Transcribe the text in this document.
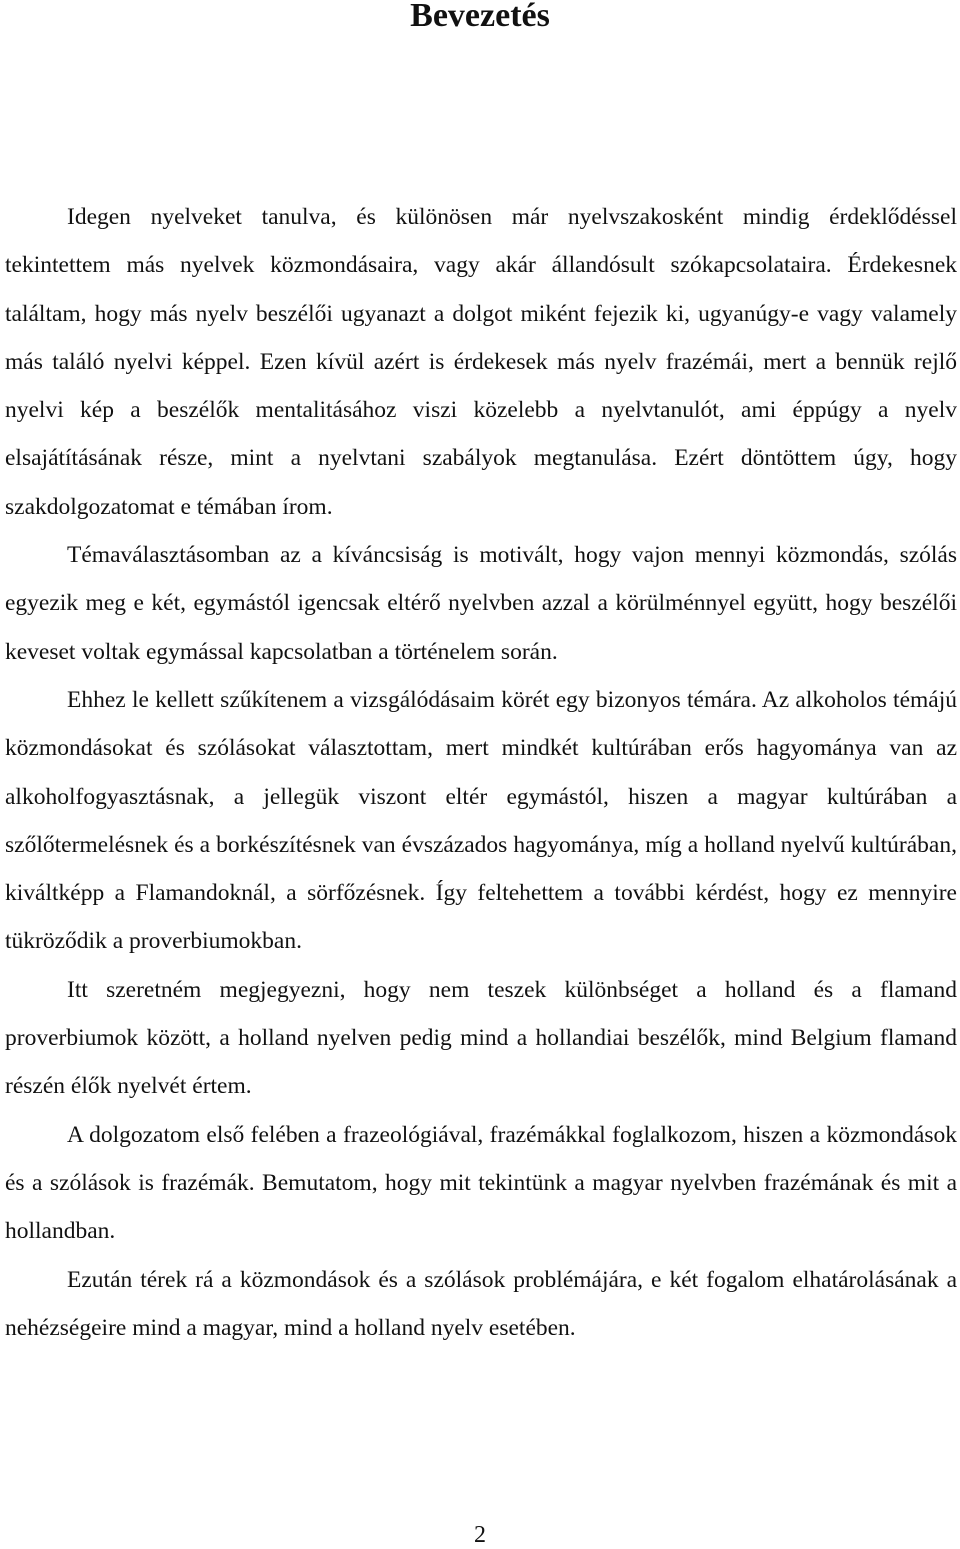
Bevezetés

Idegen nyelveket tanulva, és különösen már nyelvszakosként mindig érdeklődéssel tekintettem más nyelvek közmondásaira, vagy akár állandósult szókapcsolataira. Érdekesnek találtam, hogy más nyelv beszélői ugyanazt a dolgot miként fejezik ki, ugyanúgy-e vagy valamely más találó nyelvi képpel. Ezen kívül azért is érdekesek más nyelv frazémái, mert a bennük rejlő nyelvi kép a beszélők mentalitásához viszi közelebb a nyelvtanulót, ami éppúgy a nyelv elsajátításának része, mint a nyelvtani szabályok megtanulása. Ezért döntöttem úgy, hogy szakdolgozatomat e témában írom.

Témaválasztásomban az a kíváncsiság is motivált, hogy vajon mennyi közmondás, szólás egyezik meg e két, egymástól igencsak eltérő nyelvben azzal a körülménnyel együtt, hogy beszélői keveset voltak egymással kapcsolatban a történelem során.

Ehhez le kellett szűkítenem a vizsgálódásaim körét egy bizonyos témára. Az alkoholos témájú közmondásokat és szólásokat választottam, mert mindkét kultúrában erős hagyománya van az alkoholfogyasztásnak, a jellegük viszont eltér egymástól, hiszen a magyar kultúrában a szőlőtermelésnek és a borkészítésnek van évszázados hagyománya, míg a holland nyelvű kultúrában, kiváltképp a Flamandoknál, a sörfőzésnek. Így feltehettem a további kérdést, hogy ez mennyire tükröződik a proverbiumokban.

Itt szeretném megjegyezni, hogy nem teszek különbséget a holland és a flamand proverbiumok között, a holland nyelven pedig mind a hollandiai beszélők, mind Belgium flamand részén élők nyelvét értem.

A dolgozatom első felében a frazeológiával, frazémákkal foglalkozom, hiszen a közmondások és a szólások is frazémák. Bemutatom, hogy mit tekintünk a magyar nyelvben frazémának és mit a hollandban.

Ezután térek rá a közmondások és a szólások problémájára, e két fogalom elhatárolásának a nehézségeire mind a magyar, mind a holland nyelv esetében.

2
